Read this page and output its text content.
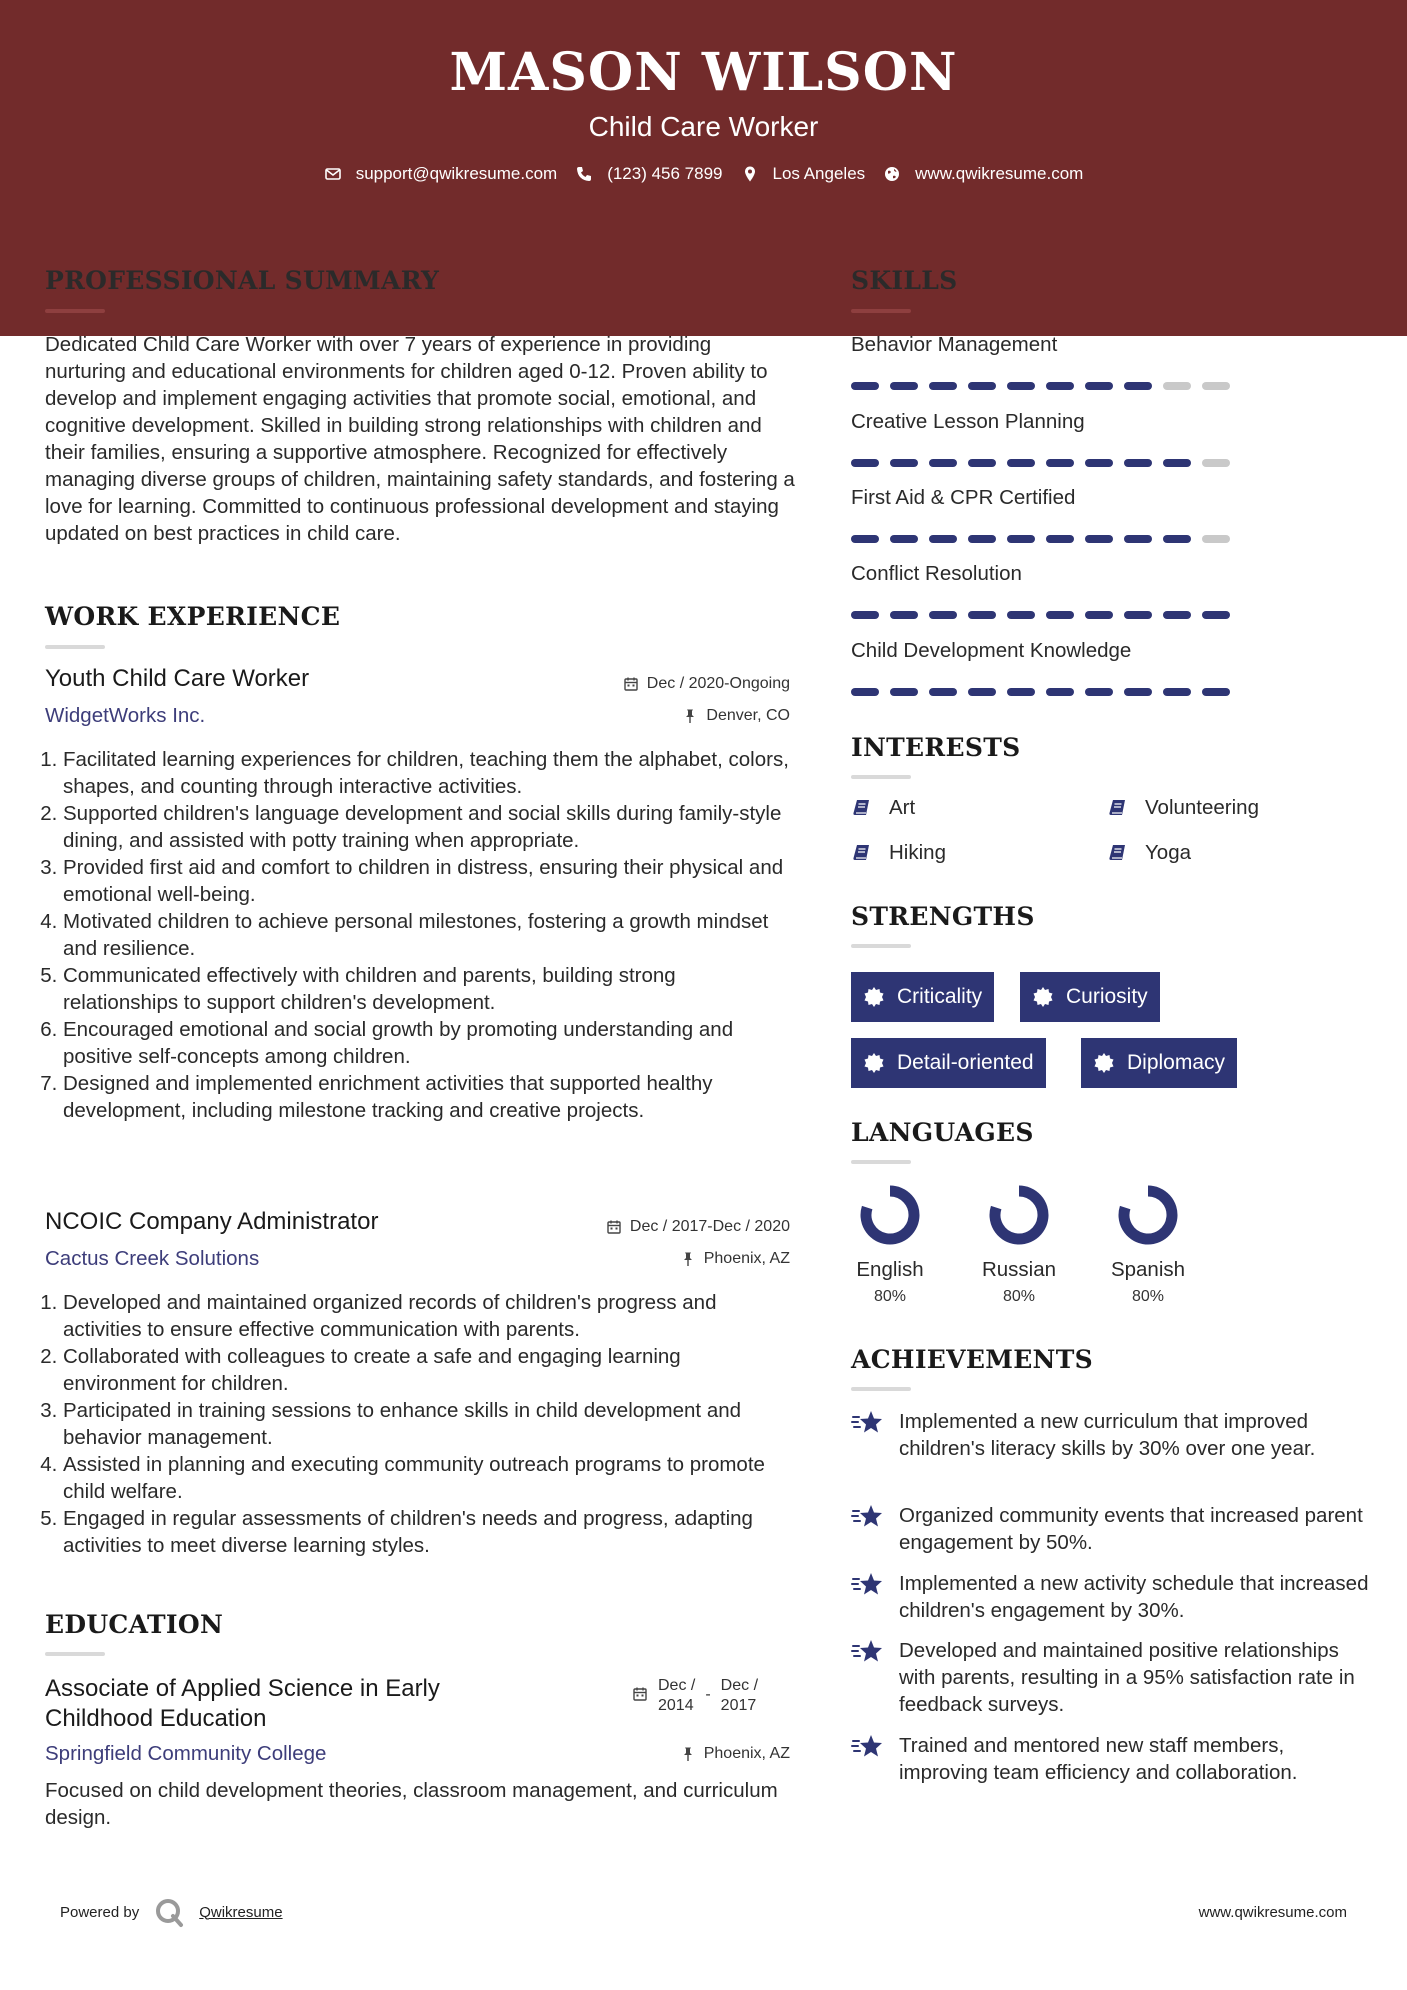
MASON WILSON
Child Care Worker
support@qwikresume.com	(123) 456 7899	Los Angeles	www.qwikresume.com
PROFESSIONAL SUMMARY
Dedicated Child Care Worker with over 7 years of experience in providing nurturing and educational environments for children aged 0-12. Proven ability to develop and implement engaging activities that promote social, emotional, and cognitive development. Skilled in building strong relationships with children and their families, ensuring a supportive atmosphere. Recognized for effectively managing diverse groups of children, maintaining safety standards, and fostering a love for learning. Committed to continuous professional development and staying updated on best practices in child care.
WORK EXPERIENCE
Youth Child Care Worker	Dec / 2020-Ongoing
WidgetWorks Inc.	Denver, CO
1. Facilitated learning experiences for children, teaching them the alphabet, colors, shapes, and counting through interactive activities.
2. Supported children's language development and social skills during family-style dining, and assisted with potty training when appropriate.
3. Provided first aid and comfort to children in distress, ensuring their physical and emotional well-being.
4. Motivated children to achieve personal milestones, fostering a growth mindset and resilience.
5. Communicated effectively with children and parents, building strong relationships to support children's development.
6. Encouraged emotional and social growth by promoting understanding and positive self-concepts among children.
7. Designed and implemented enrichment activities that supported healthy development, including milestone tracking and creative projects.
NCOIC Company Administrator	Dec / 2017-Dec / 2020
Cactus Creek Solutions	Phoenix, AZ
1. Developed and maintained organized records of children's progress and activities to ensure effective communication with parents.
2. Collaborated with colleagues to create a safe and engaging learning environment for children.
3. Participated in training sessions to enhance skills in child development and behavior management.
4. Assisted in planning and executing community outreach programs to promote child welfare.
5. Engaged in regular assessments of children's needs and progress, adapting activities to meet diverse learning styles.
EDUCATION
Associate of Applied Science in Early
Childhood Education
Dec /
2014
-
Dec /
2017
Springfield Community College	Phoenix, AZ
Focused on child development theories, classroom management, and curriculum design.
SKILLS
Behavior Management
Creative Lesson Planning
First Aid & CPR Certified
Conflict Resolution
Child Development Knowledge
INTERESTS
Art	Volunteering
Hiking	Yoga
STRENGTHS
Criticality	Curiosity
Detail-oriented	Diplomacy
LANGUAGES
English
80%
Russian
80%
Spanish
80%
ACHIEVEMENTS
Implemented a new curriculum that improved children's literacy skills by 30% over one year.
Organized community events that increased parent engagement by 50%.
Implemented a new activity schedule that increased children's engagement by 30%.
Developed and maintained positive relationships with parents, resulting in a 95% satisfaction rate in feedback surveys.
Trained and mentored new staff members, improving team efficiency and collaboration.
Powered by	Qwikresume	www.qwikresume.com
